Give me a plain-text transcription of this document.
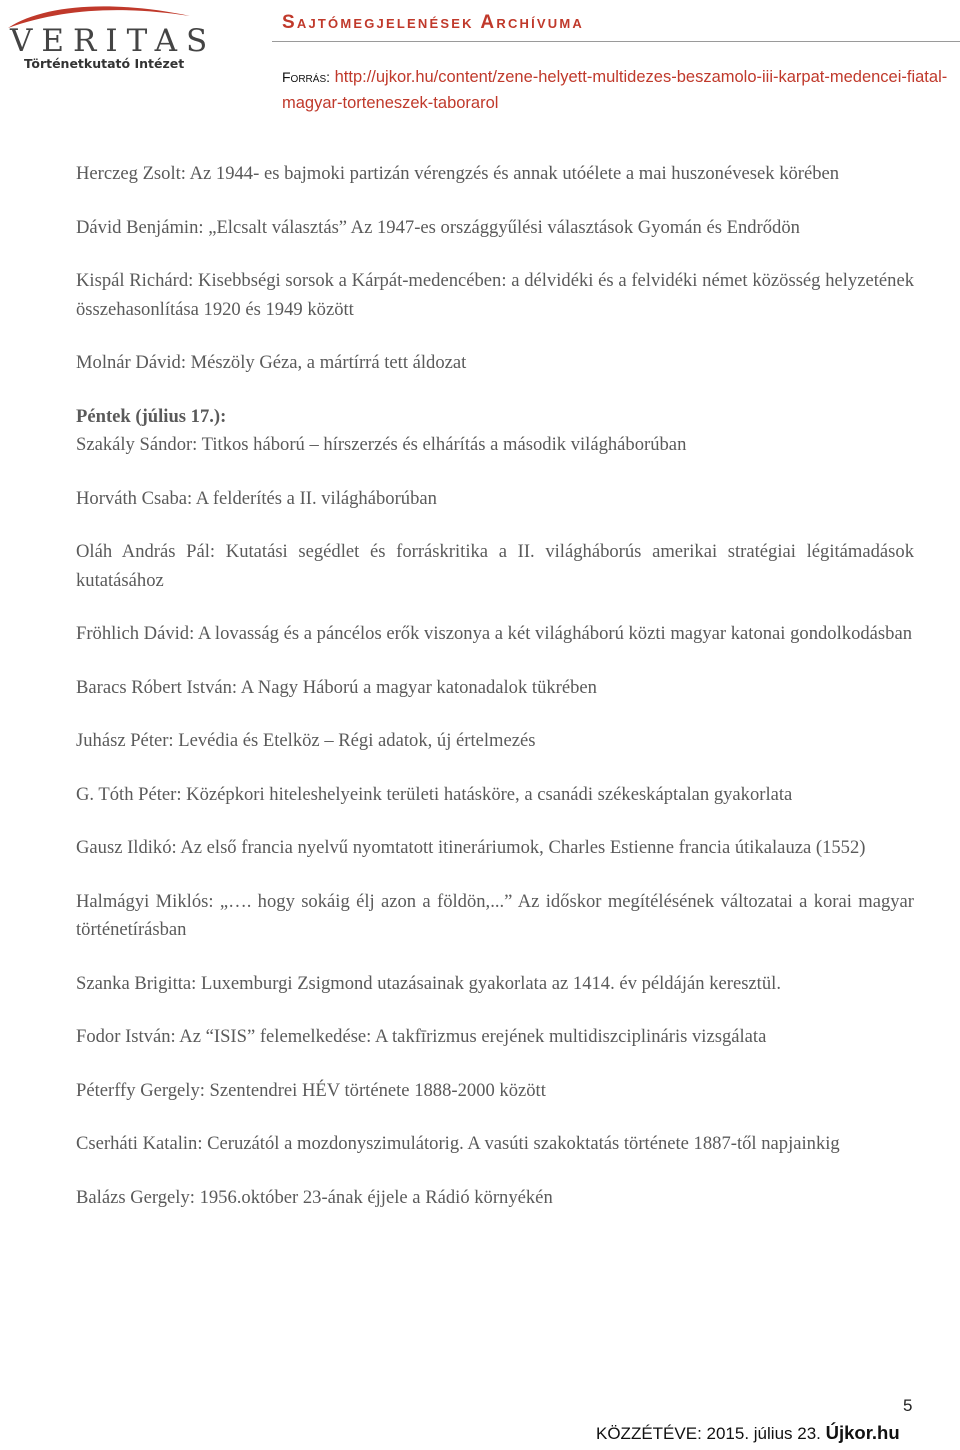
VERITAS
Történetkutató Intézet
Sajtómegjelenések Archívuma
Forrás: http://ujkor.hu/content/zene-helyett-multidezes-beszamolo-iii-karpat-medencei-fiatal-magyar-torteneszek-taborarol

Herczeg Zsolt: Az 1944- es bajmoki partizán vérengzés és annak utóélete a mai huszonévesek körében

Dávid Benjámin: „Elcsalt választás” Az 1947-es országgyűlési választások Gyomán és Endrődön

Kispál Richárd: Kisebbségi sorsok a Kárpát-medencében: a délvidéki és a felvidéki német közösség helyzetének összehasonlítása 1920 és 1949 között

Molnár Dávid: Mészöly Géza, a mártírrá tett áldozat

Péntek (július 17.):

Szakály Sándor: Titkos háború – hírszerzés és elhárítás a második világháborúban

Horváth Csaba: A felderítés a II. világháborúban

Oláh András Pál: Kutatási segédlet és forráskritika a II. világháborús amerikai stratégiai légitámadások kutatásához

Fröhlich Dávid: A lovasság és a páncélos erők viszonya a két világháború közti magyar katonai gondolkodásban

Baracs Róbert István: A Nagy Háború a magyar katonadalok tükrében

Juhász Péter: Levédia és Etelköz – Régi adatok, új értelmezés

G. Tóth Péter: Középkori hiteleshelyeink területi hatásköre, a csanádi székeskáptalan gyakorlata

Gausz Ildikó: Az első francia nyelvű nyomtatott itineráriumok, Charles Estienne francia útikalauza (1552)

Halmágyi Miklós: „…. hogy sokáig élj azon a földön,...” Az időskor megítélésének változatai a korai magyar történetírásban

Szanka Brigitta: Luxemburgi Zsigmond utazásainak gyakorlata az 1414. év példáján keresztül.

Fodor István: Az “ISIS” felemelkedése: A takfīrizmus erejének multidiszciplináris vizsgálata

Péterffy Gergely: Szentendrei HÉV története 1888-2000 között

Cserháti Katalin: Ceruzától a mozdonyszimulátorig. A vasúti szakoktatás története 1887-től napjainkig

Balázs Gergely: 1956.október 23-ának éjjele a Rádió környékén

5
KÖZZÉTÉVE: 2015. július 23. Újkor.hu
